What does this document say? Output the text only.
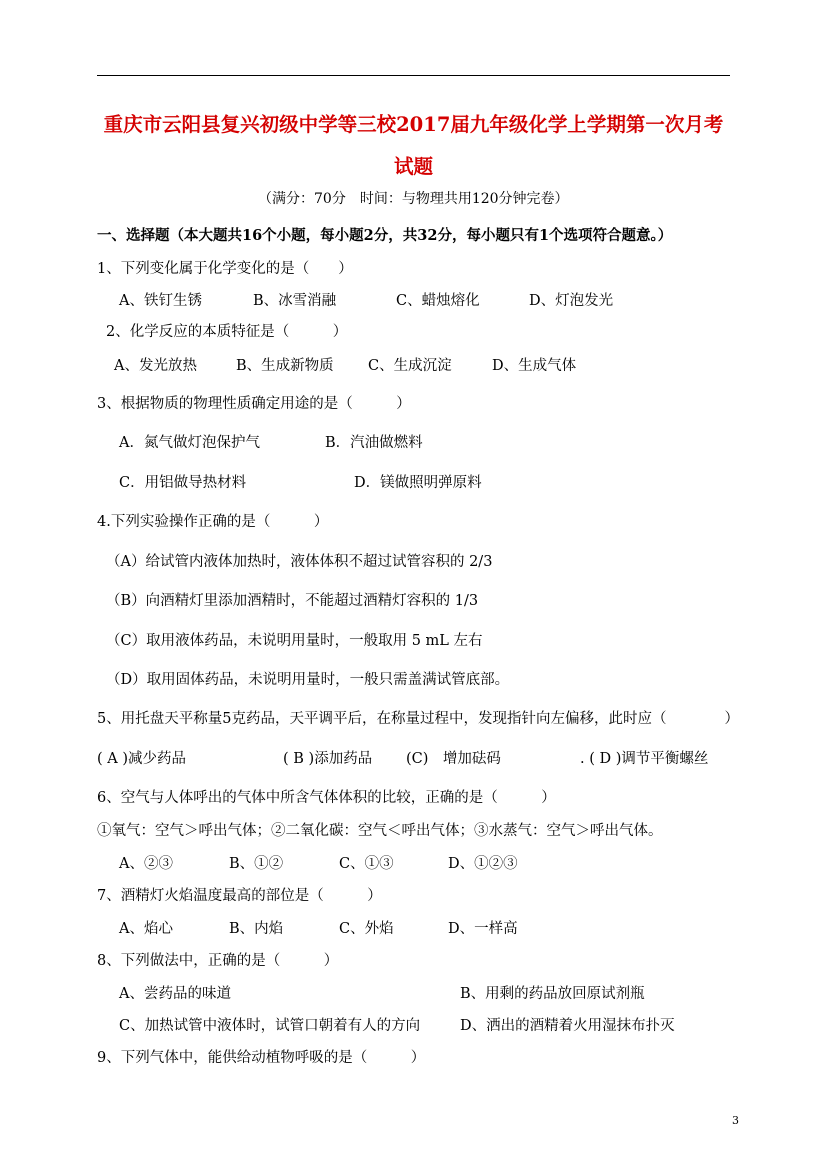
重庆市云阳县复兴初级中学等三校2017届九年级化学上学期第一次月考
试题
（满分：70分　时间：与物理共用120分钟完卷）
一、选择题（本大题共16个小题，每小题2分，共32分，每小题只有1个选项符合题意。）
1、下列变化属于化学变化的是（　　）
A、铁钉生锈	B、冰雪消融	C、蜡烛熔化	D、灯泡发光
2、化学反应的本质特征是（　　　）
A、发光放热	B、生成新物质 C、生成沉淀	D、生成气体
3、根据物质的物理性质确定用途的是（　　　）
A．氮气做灯泡保护气	B．汽油做燃料
C．用铝做导热材料	D．镁做照明弹原料
4.下列实验操作正确的是（　　　）
（A）给试管内液体加热时，液体体积不超过试管容积的 2/3
（B）向酒精灯里添加酒精时，不能超过酒精灯容积的 1/3
（C）取用液体药品，未说明用量时，一般取用 5 mL 左右
（D）取用固体药品，未说明用量时，一般只需盖满试管底部。
5、用托盘天平称量5克药品，天平调平后，在称量过程中，发现指针向左偏移，此时应（　　　　）
( A )减少药品	( B )添加药品 (C)　增加砝码	. ( D )调节平衡螺丝
6、空气与人体呼出的气体中所含气体体积的比较，正确的是（　　　）
①氧气：空气＞呼出气体；②二氧化碳：空气＜呼出气体；③水蒸气：空气＞呼出气体。
A、②③	B、①②	C、①③	D、①②③
7、酒精灯火焰温度最高的部位是（　　　）
A、焰心	B、内焰	C、外焰	D、一样高
8、下列做法中，正确的是（　　　）
A、尝药品的味道	B、用剩的药品放回原试剂瓶
C、加热试管中液体时，试管口朝着有人的方向	D、洒出的酒精着火用湿抹布扑灭
9、下列气体中，能供给动植物呼吸的是（　　　）
3
